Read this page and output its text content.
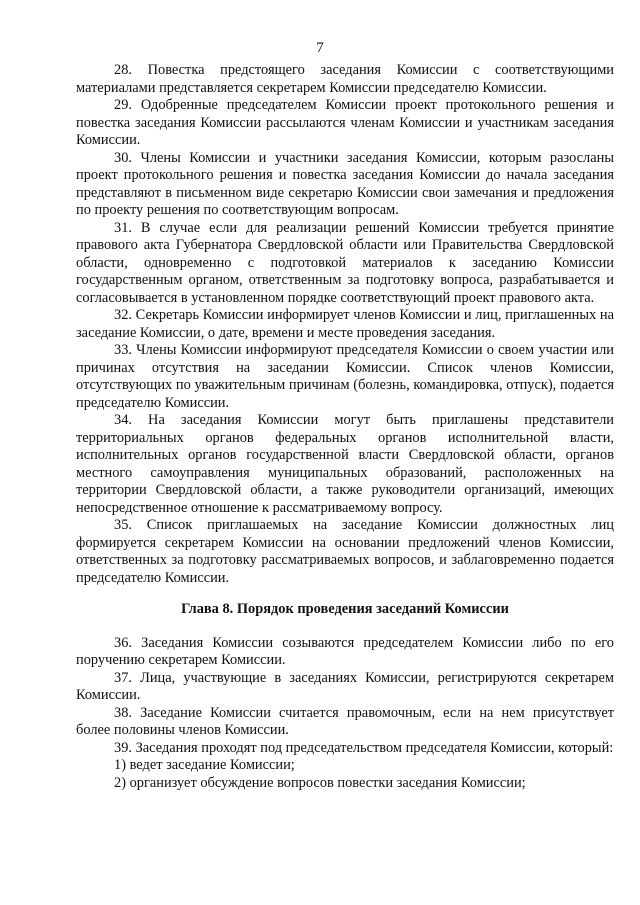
7

28. Повестка предстоящего заседания Комиссии с соответствующими материалами представляется секретарем Комиссии председателю Комиссии.

29. Одобренные председателем Комиссии проект протокольного решения и повестка заседания Комиссии рассылаются членам Комиссии и участникам заседания Комиссии.

30. Члены Комиссии и участники заседания Комиссии, которым разосланы проект протокольного решения и повестка заседания Комиссии до начала заседания представляют в письменном виде секретарю Комиссии свои замечания и предложения по проекту решения по соответствующим вопросам.

31. В случае если для реализации решений Комиссии требуется принятие правового акта Губернатора Свердловской области или Правительства Свердловской области, одновременно с подготовкой материалов к заседанию Комиссии государственным органом, ответственным за подготовку вопроса, разрабатывается и согласовывается в установленном порядке соответствующий проект правового акта.

32. Секретарь Комиссии информирует членов Комиссии и лиц, приглашенных на заседание Комиссии, о дате, времени и месте проведения заседания.

33. Члены Комиссии информируют председателя Комиссии о своем участии или причинах отсутствия на заседании Комиссии. Список членов Комиссии, отсутствующих по уважительным причинам (болезнь, командировка, отпуск), подается председателю Комиссии.

34. На заседания Комиссии могут быть приглашены представители территориальных органов федеральных органов исполнительной власти, исполнительных органов государственной власти Свердловской области, органов местного самоуправления муниципальных образований, расположенных на территории Свердловской области, а также руководители организаций, имеющих непосредственное отношение к рассматриваемому вопросу.

35. Список приглашаемых на заседание Комиссии должностных лиц формируется секретарем Комиссии на основании предложений членов Комиссии, ответственных за подготовку рассматриваемых вопросов, и заблаговременно подается председателю Комиссии.

Глава 8. Порядок проведения заседаний Комиссии

36. Заседания Комиссии созываются председателем Комиссии либо по его поручению секретарем Комиссии.

37. Лица, участвующие в заседаниях Комиссии, регистрируются секретарем Комиссии.

38. Заседание Комиссии считается правомочным, если на нем присутствует более половины членов Комиссии.

39. Заседания проходят под председательством председателя Комиссии, который:

1) ведет заседание Комиссии;

2) организует обсуждение вопросов повестки заседания Комиссии;
